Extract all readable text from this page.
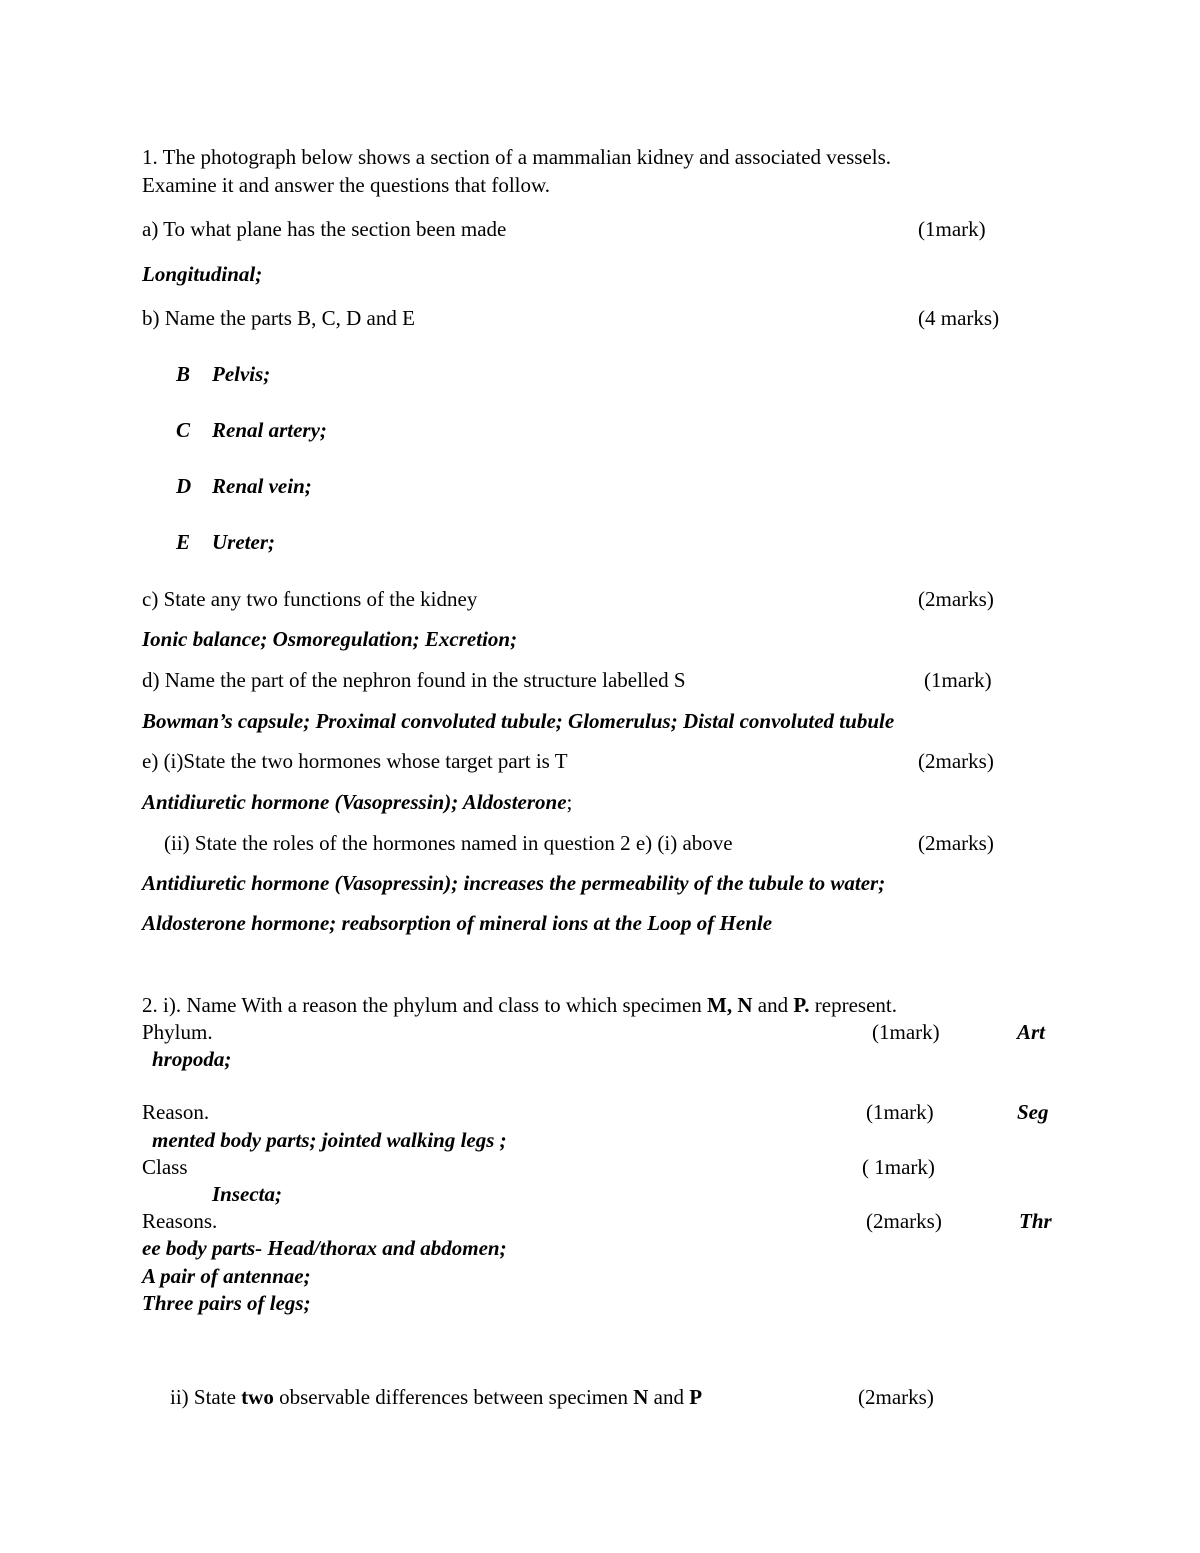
1. The photograph below shows a section of a mammalian kidney and associated vessels.
Examine it and answer the questions that follow.
a) To what plane has the section been made	(1mark)
Longitudinal;
b) Name the parts B, C, D and E	(4 marks)
B Pelvis;
C Renal artery;
D Renal vein;
E Ureter;
c) State any two functions of the kidney	(2marks)
Ionic balance; Osmoregulation; Excretion;
d) Name the part of the nephron found in the structure labelled S	(1mark)
Bowman’s capsule; Proximal convoluted tubule; Glomerulus; Distal convoluted tubule
e) (i)State the two hormones whose target part is T	(2marks)
Antidiuretic hormone (Vasopressin); Aldosterone;
(ii) State the roles of the hormones named in question 2 e) (i) above	(2marks)
Antidiuretic hormone (Vasopressin); increases the permeability of the tubule to water;
Aldosterone hormone; reabsorption of mineral ions at the Loop of Henle
2. i). Name With a reason the phylum and class to which specimen M, N and P. represent.
Phylum.	(1mark)	Art
hropoda;
Reason.	(1mark)	Seg
mented body parts; jointed walking legs ;
Class	( 1mark)
Insecta;
Reasons.	(2marks)	Thr
ee body parts- Head/thorax and abdomen;
A pair of antennae;
Three pairs of legs;
ii) State two observable differences between specimen N and P	(2marks)
